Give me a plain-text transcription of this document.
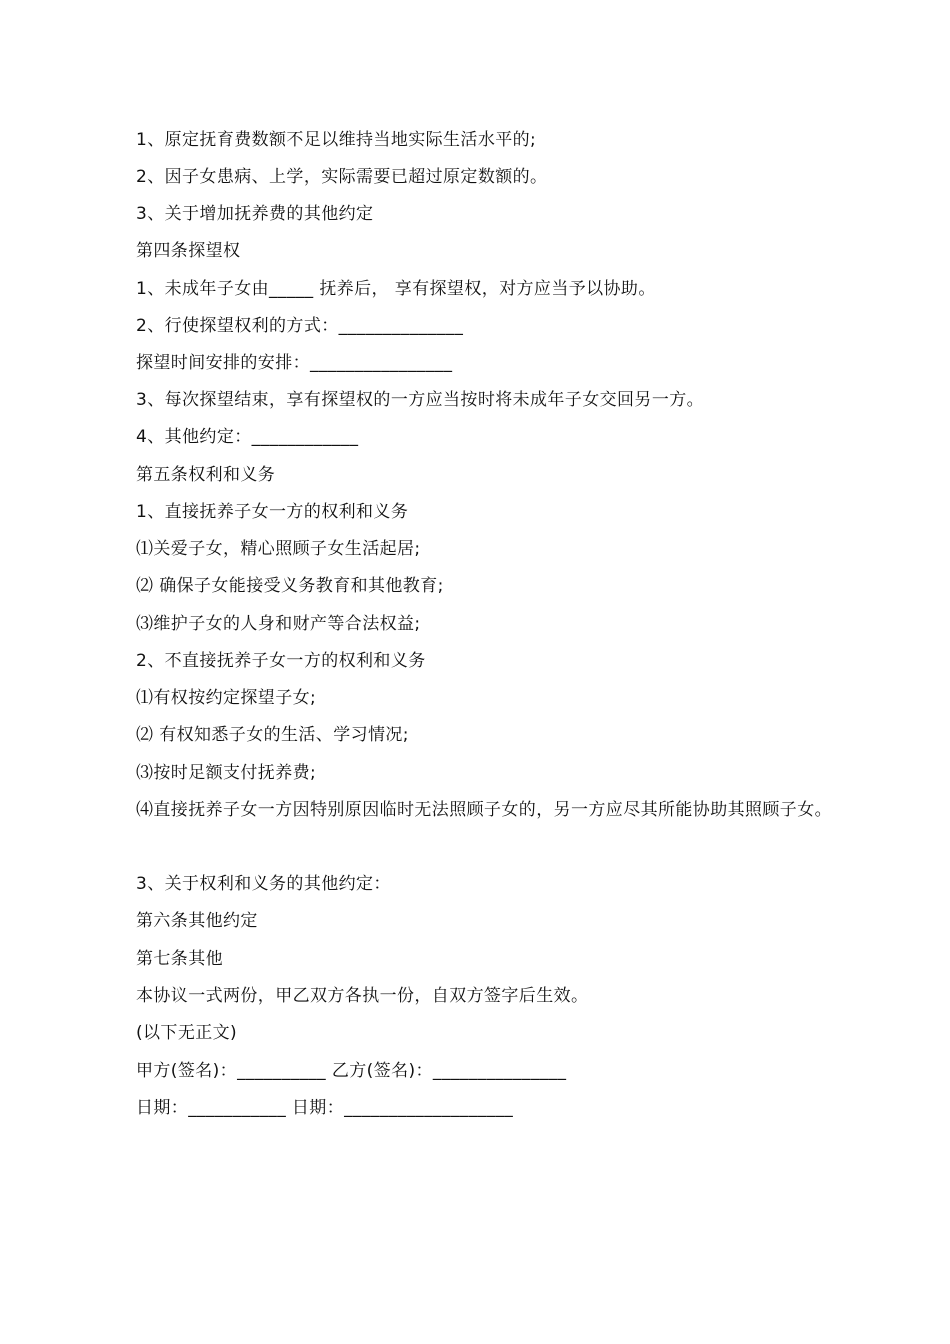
1、原定抚育费数额不足以维持当地实际生活水平的;
2、因子女患病、上学，实际需要已超过原定数额的。
3、关于增加抚养费的其他约定
第四条探望权
1、未成年子女由_____ 抚养后， 享有探望权，对方应当予以协助。
2、行使探望权利的方式：______________
探望时间安排的安排：________________
3、每次探望结束，享有探望权的一方应当按时将未成年子女交回另一方。
4、其他约定：____________
第五条权利和义务
1、直接抚养子女一方的权利和义务
⑴关爱子女，精心照顾子女生活起居;
⑵ 确保子女能接受义务教育和其他教育;
⑶维护子女的人身和财产等合法权益;
2、不直接抚养子女一方的权利和义务
⑴有权按约定探望子女;
⑵ 有权知悉子女的生活、学习情况;
⑶按时足额支付抚养费;
⑷直接抚养子女一方因特别原因临时无法照顾子女的，另一方应尽其所能协助其照顾子女。
3、关于权利和义务的其他约定：
第六条其他约定
第七条其他
本协议一式两份，甲乙双方各执一份，自双方签字后生效。
(以下无正文)
甲方(签名)：__________ 乙方(签名)：_______________
日期：___________ 日期：___________________
